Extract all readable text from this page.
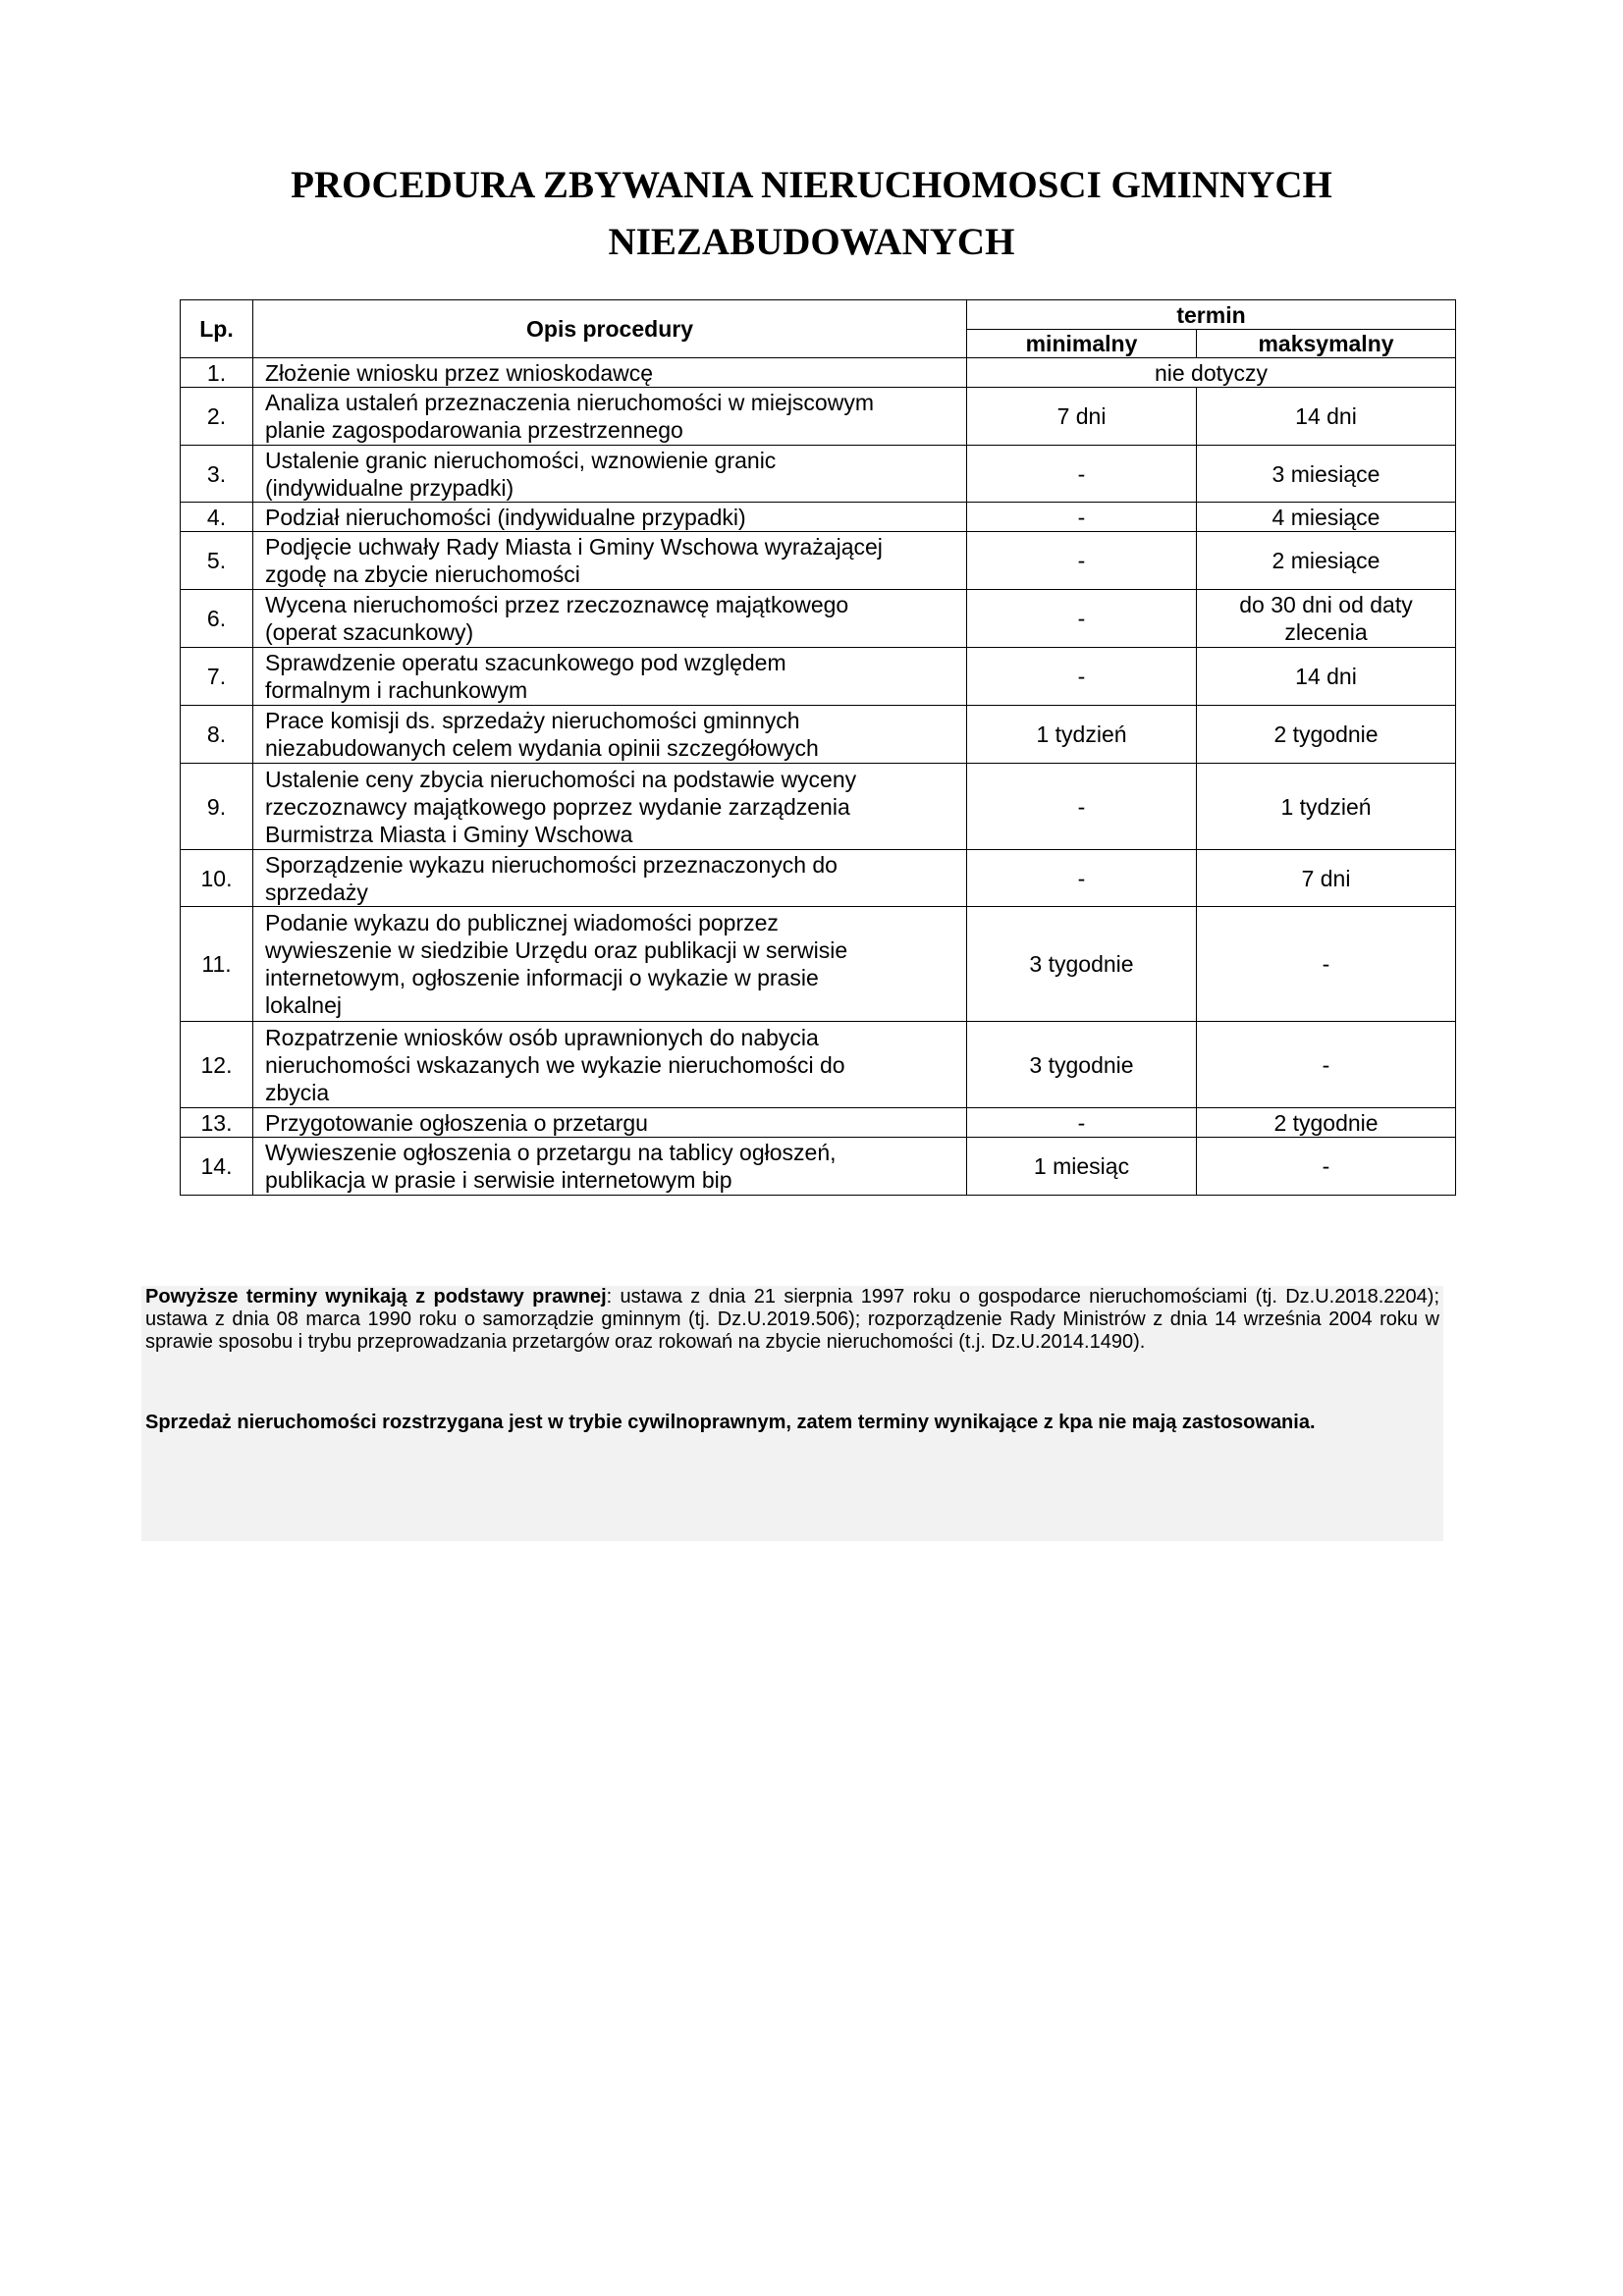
PROCEDURA ZBYWANIA NIERUCHOMOSCI GMINNYCH
NIEZABUDOWANYCH
Lp.	Opis procedury	termin	
		minimalny	maksymalny
1.	Złożenie wniosku przez wnioskodawcę	nie dotyczy	
2.	Analiza ustaleń przeznaczenia nieruchomości w miejscowym
planie zagospodarowania przestrzennego	7 dni	14 dni
3.	Ustalenie granic nieruchomości, wznowienie granic
(indywidualne przypadki)	-	3 miesiące
4.	Podział nieruchomości (indywidualne przypadki)	-	4 miesiące
5.	Podjęcie uchwały Rady Miasta i Gminy Wschowa wyrażającej
zgodę na zbycie nieruchomości	-	2 miesiące
6.	Wycena nieruchomości przez rzeczoznawcę majątkowego
(operat szacunkowy)	-	do 30 dni od daty
zlecenia

7.	Sprawdzenie operatu szacunkowego pod względem
formalnym i rachunkowym	-	14 dni
8.	Prace komisji ds. sprzedaży nieruchomości gminnych
niezabudowanych celem wydania opinii szczegółowych	1 tydzień	2 tygodnie
9.	Ustalenie ceny zbycia nieruchomości na podstawie wyceny
rzeczoznawcy majątkowego poprzez wydanie zarządzenia
Burmistrza Miasta i Gminy Wschowa	-	1 tydzień
10.	Sporządzenie wykazu nieruchomości przeznaczonych do
sprzedaży	-	7 dni
11.	Podanie wykazu do publicznej wiadomości poprzez
wywieszenie w siedzibie Urzędu oraz publikacji w serwisie
internetowym, ogłoszenie informacji o wykazie w prasie
lokalnej	3 tygodnie	-
12.	Rozpatrzenie wniosków osób uprawnionych do nabycia
nieruchomości wskazanych we wykazie nieruchomości do
zbycia	3 tygodnie	-
13.	Przygotowanie ogłoszenia o przetargu	-	2 tygodnie
14.	Wywieszenie ogłoszenia o przetargu na tablicy ogłoszeń,
publikacja w prasie i serwisie internetowym bip	1 miesiąc	-

Powyższe terminy wynikają z podstawy prawnej: ustawa z dnia 21 sierpnia 1997 roku o gospodarce nieruchomościami (tj. Dz.U.2018.2204); ustawa z dnia 08 marca 1990 roku o samorządzie gminnym (tj. Dz.U.2019.506); rozporządzenie Rady Ministrów z dnia 14 września 2004 roku w sprawie sposobu i trybu przeprowadzania przetargów oraz rokowań na zbycie nieruchomości (t.j. Dz.U.2014.1490).

Sprzedaż nieruchomości rozstrzygana jest w trybie cywilnoprawnym, zatem terminy wynikające z kpa nie mają zastosowania.
